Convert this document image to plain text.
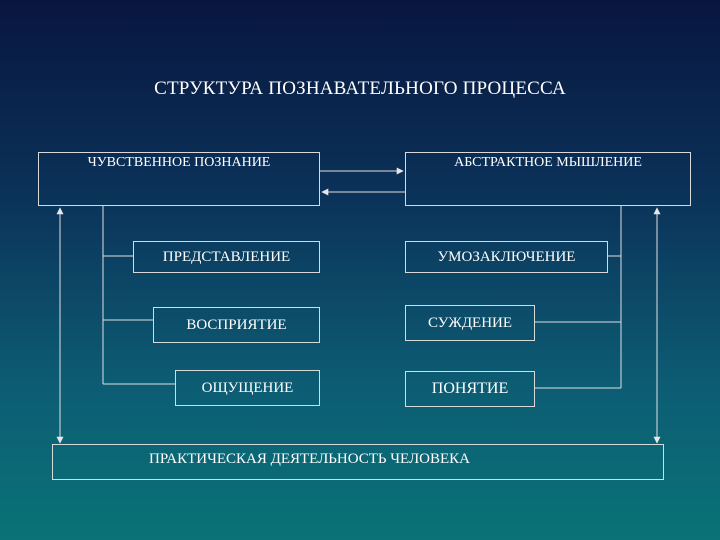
СТРУКТУРА ПОЗНАВАТЕЛЬНОГО ПРОЦЕССА
ЧУВСТВЕННОЕ ПОЗНАНИЕ	АБСТРАКТНОЕ МЫШЛЕНИЕ
ПРЕДСТАВЛЕНИЕ
ВОСПРИЯТИЕ
ОЩУЩЕНИЕ
УМОЗАКЛЮЧЕНИЕ
СУЖДЕНИЕ
ПОНЯТИЕ
ПРАКТИЧЕСКАЯ ДЕЯТЕЛЬНОСТЬ ЧЕЛОВЕКА
